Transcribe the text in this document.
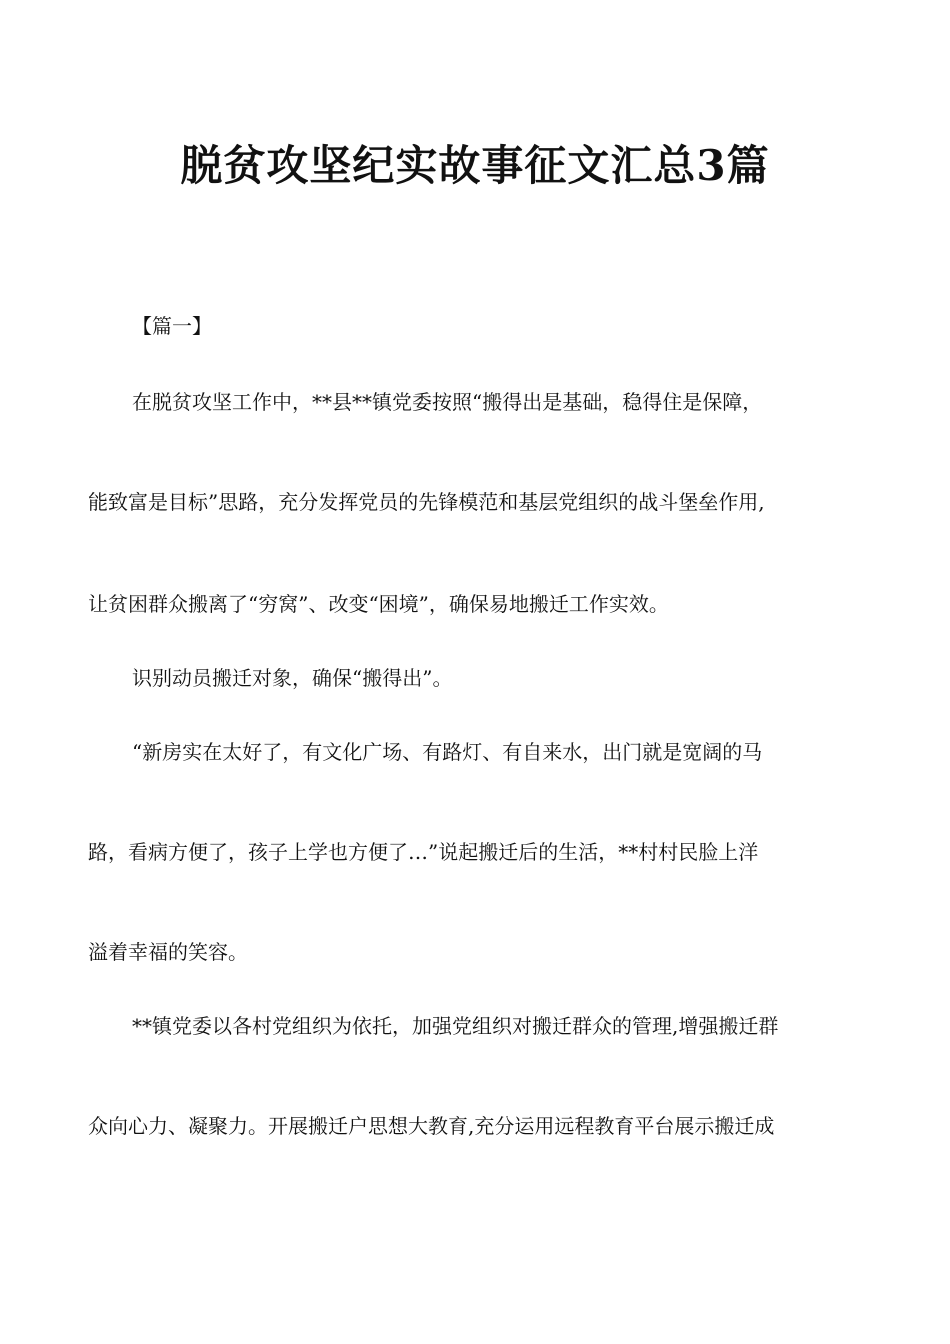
脱贫攻坚纪实故事征文汇总3篇
【篇一】
在脱贫攻坚工作中，**县**镇党委按照“搬得出是基础，稳得住是保障，
能致富是目标”思路，充分发挥党员的先锋模范和基层党组织的战斗堡垒作用,
让贫困群众搬离了“穷窝”、改变“困境”，确保易地搬迁工作实效。
识别动员搬迁对象，确保“搬得出”。
“新房实在太好了，有文化广场、有路灯、有自来水，出门就是宽阔的马
路，看病方便了，孩子上学也方便了…”说起搬迁后的生活，**村村民脸上洋
溢着幸福的笑容。
**镇党委以各村党组织为依托，加强党组织对搬迁群众的管理,增强搬迁群
众向心力、凝聚力。开展搬迁户思想大教育,充分运用远程教育平台展示搬迁成
